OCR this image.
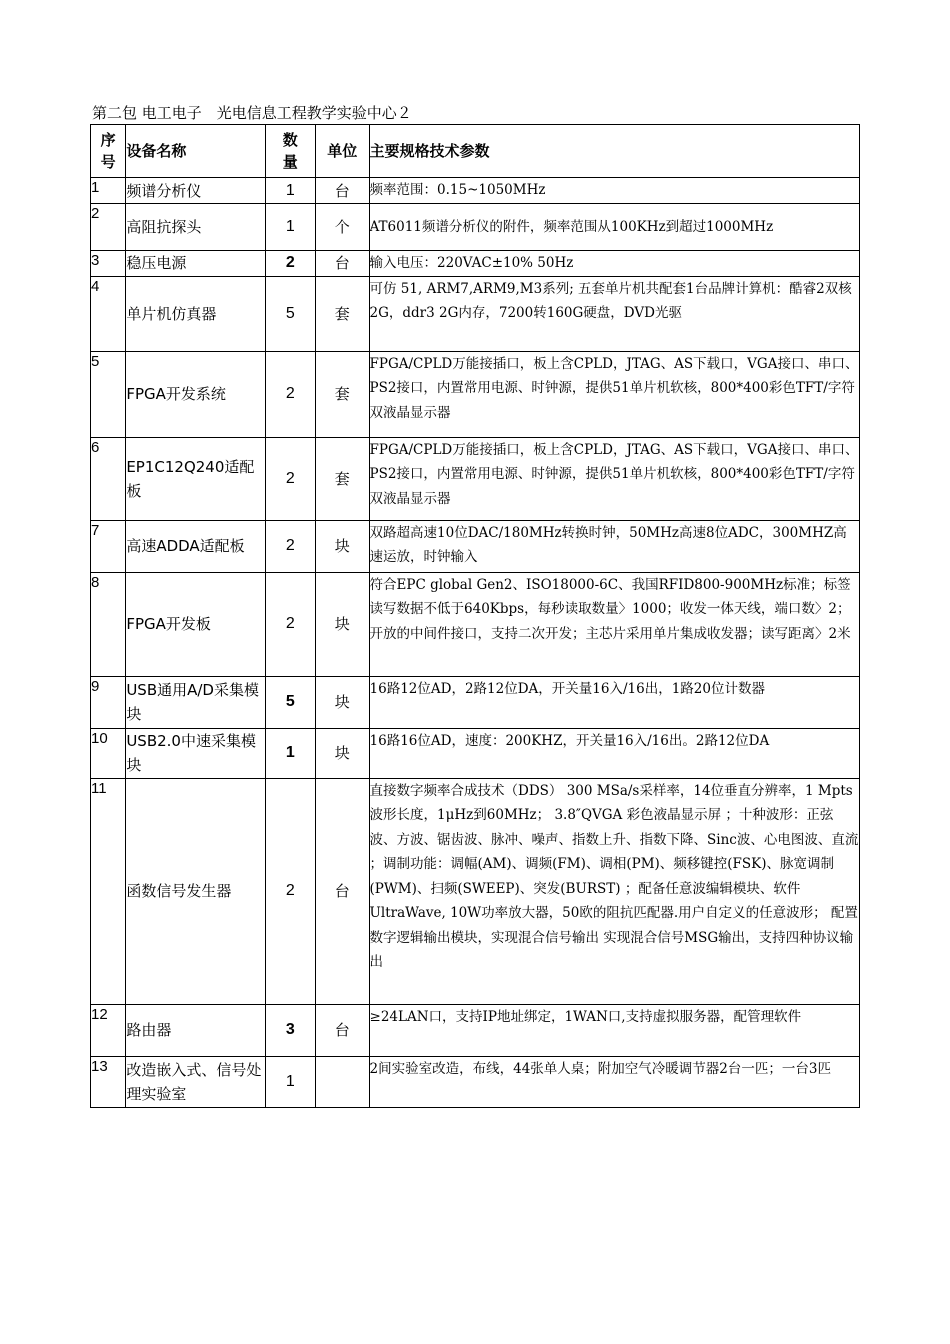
第二包 电工电子　光电信息工程教学实验中心２
序号	设备名称	数量	单位	主要规格技术参数
1	频谱分析仪	1	台	频率范围：0.15~1050MHz
2	高阻抗探头	1	个	AT6011频谱分析仪的附件，频率范围从100KHz到超过1000MHz
3	稳压电源	2	台	输入电压：220VAC±10% 50Hz
4	单片机仿真器	5	套	可仿 51, ARM7,ARM9,M3系列; 五套单片机共配套1台品牌计算机：酷睿2双核2G，ddr3 2G内存，7200转160G硬盘，DVD光驱
5	FPGA开发系统	2	套	FPGA/CPLD万能接插口，板上含CPLD，JTAG、AS下载口，VGA接口、串口、PS2接口，内置常用电源、时钟源，提供51单片机软核，800*400彩色TFT/字符双液晶显示器
6	EP1C12Q240适配板	2	套	FPGA/CPLD万能接插口，板上含CPLD，JTAG、AS下载口，VGA接口、串口、PS2接口，内置常用电源、时钟源，提供51单片机软核，800*400彩色TFT/字符双液晶显示器
7	高速ADDA适配板	2	块	双路超高速10位DAC/180MHz转换时钟，50MHz高速8位ADC，300MHZ高速运放，时钟输入
8	FPGA开发板	2	块	符合EPC global Gen2、ISO18000-6C、我国RFID800-900MHz标准；标签读写数据不低于640Kbps，每秒读取数量〉1000；收发一体天线，端口数〉2；开放的中间件接口，支持二次开发；主芯片采用单片集成收发器；读写距离〉2米
9	USB通用A/D采集模块	5	块	16路12位AD，2路12位DA，开关量16入/16出，1路20位计数器
10	USB2.0中速采集模块	1	块	16路16位AD，速度：200KHZ，开关量16入/16出。2路12位DA
11	函数信号发生器	2	台	直接数字频率合成技术（DDS） 300 MSa/s采样率，14位垂直分辨率，1 Mpts波形长度，1μHz到60MHz； 3.8″QVGA 彩色液晶显示屏 ；十种波形：正弦波、方波、锯齿波、脉冲、噪声、指数上升、指数下降、Sinc波、心电图波、直流 ；调制功能：调幅(AM)、调频(FM)、调相(PM)、频移键控(FSK)、脉宽调制(PWM)、扫频(SWEEP)、突发(BURST) ；配备任意波编辑模块、软件UltraWave, 10W功率放大器，50欧的阻抗匹配器.用户自定义的任意波形； 配置数字逻辑输出模块，实现混合信号输出 实现混合信号MSG输出，支持四种协议输出
12	路由器	3	台	≥24LAN口，支持IP地址绑定，1WAN口,支持虚拟服务器，配管理软件
13	改造嵌入式、信号处理实验室	1		2间实验室改造，布线，44张单人桌；附加空气冷暖调节器2台一匹；一台3匹
